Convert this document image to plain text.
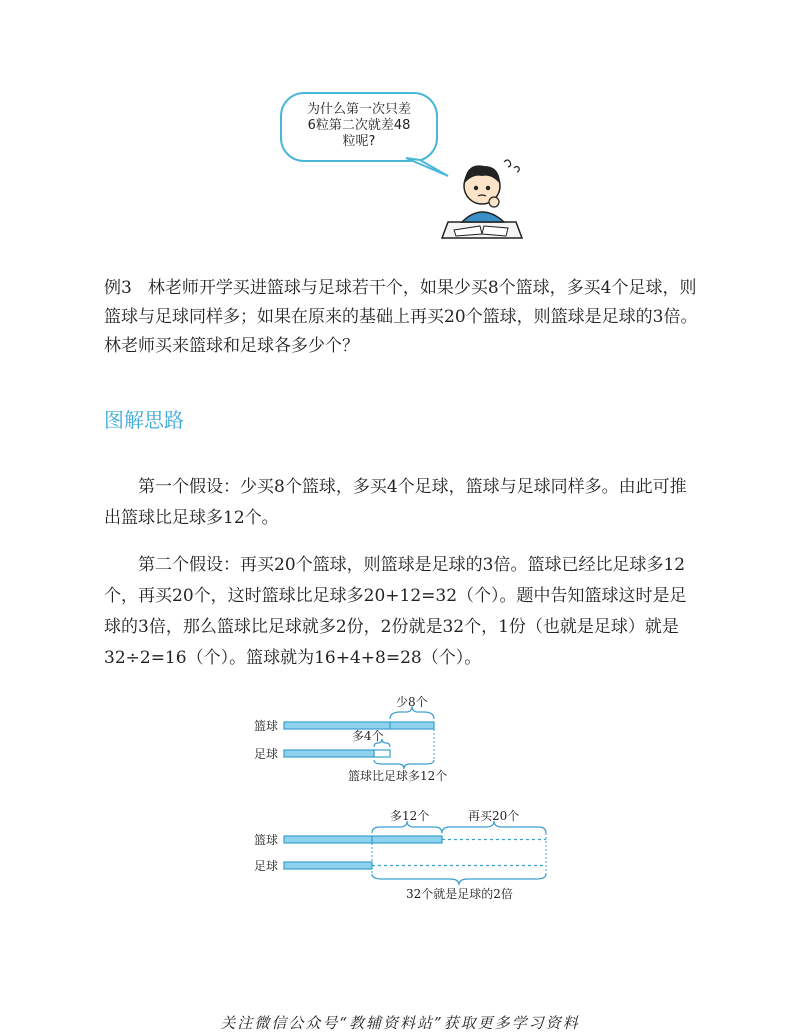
为什么第一次只差
6粒第二次就差48
粒呢?

例3 林老师开学买进篮球与足球若干个，如果少买8个篮球，多买4个足球，则篮球与足球同样多；如果在原来的基础上再买20个篮球，则篮球是足球的3倍。林老师买来篮球和足球各多少个？

图解思路

第一个假设：少买8个篮球，多买4个足球，篮球与足球同样多。由此可推出篮球比足球多12个。

第二个假设：再买20个篮球，则篮球是足球的3倍。篮球已经比足球多12个，再买20个，这时篮球比足球多20+12=32（个）。题中告知篮球这时是足球的3倍，那么篮球比足球就多2份，2份就是32个，1份（也就是足球）就是32÷2=16（个）。篮球就为16+4+8=28（个）。

篮球
足球
少8个
多4个
篮球比足球多12个
篮球
足球
多12个	再买20个
32个就是足球的2倍
关注微信公众号“教辅资料站”获取更多学习资料
